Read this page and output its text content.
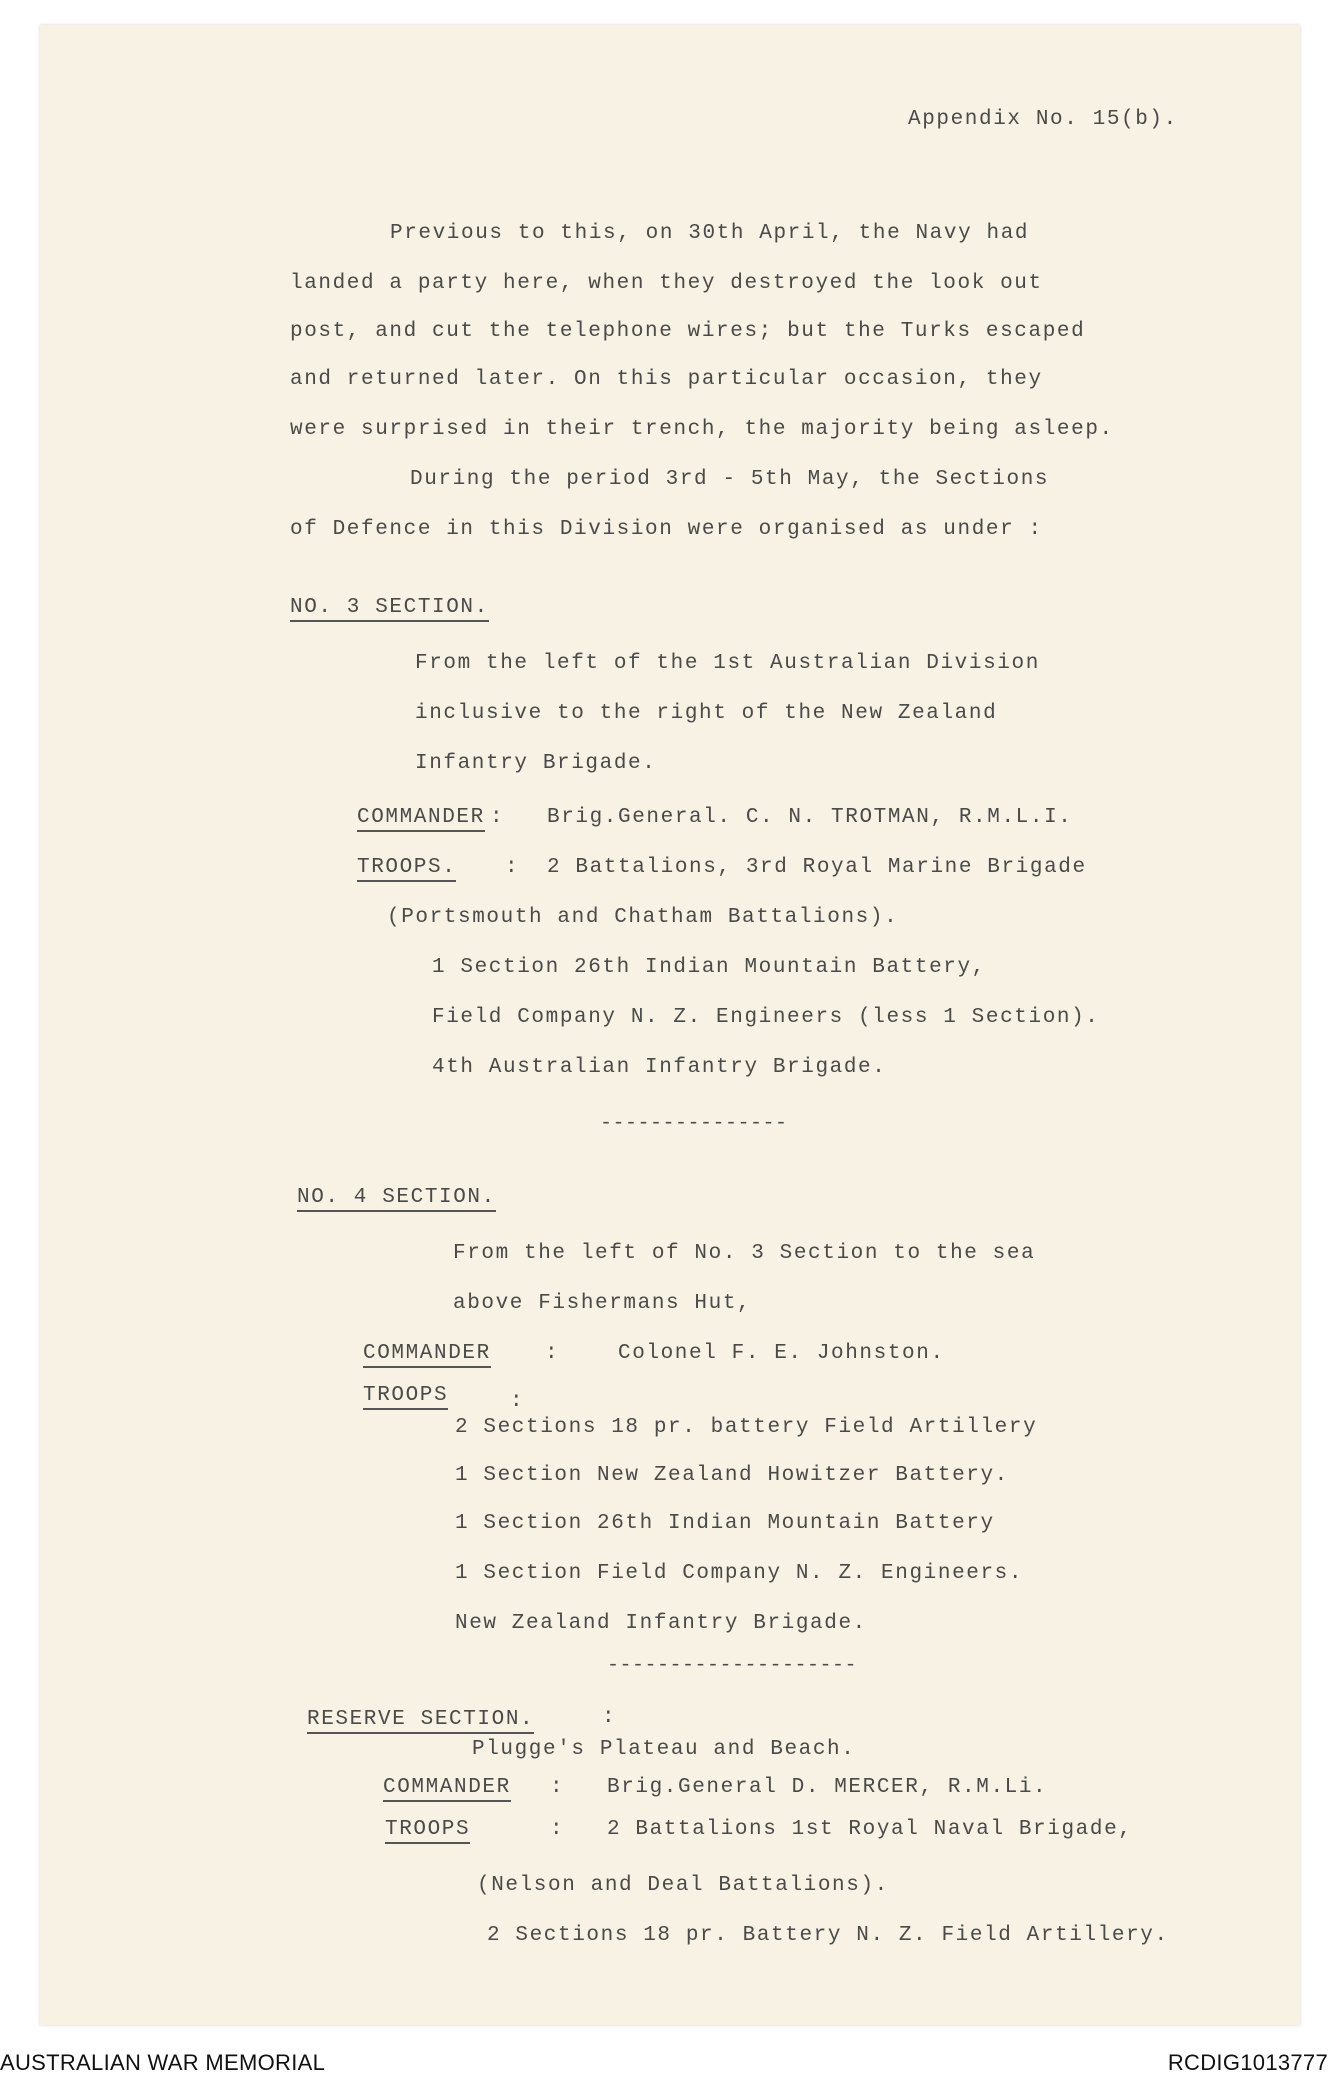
Appendix No. 15(b).
Previous to this, on 30th April, the Navy had
landed a party here, when they destroyed the look out
post, and cut the telephone wires; but the Turks escaped
and returned later. On this particular occasion, they
were surprised in their trench, the majority being asleep.
During the period 3rd - 5th May, the Sections
of Defence in this Division were organised as under :
NO. 3 SECTION.
From the left of the 1st Australian Division
inclusive to the right of the New Zealand
Infantry Brigade.
COMMANDER : Brig.General. C. N. TROTMAN, R.M.L.I.
TROOPS. : 2 Battalions, 3rd Royal Marine Brigade
(Portsmouth and Chatham Battalions).
1 Section 26th Indian Mountain Battery,
Field Company N. Z. Engineers (less 1 Section).
4th Australian Infantry Brigade.
---------------
NO. 4 SECTION.
From the left of No. 3 Section to the sea
above Fishermans Hut,
COMMANDER	:	Colonel F. E. Johnston.
TROOPS	:
2 Sections 18 pr. battery Field Artillery
1 Section New Zealand Howitzer Battery.
1 Section 26th Indian Mountain Battery
1 Section Field Company N. Z. Engineers.
New Zealand Infantry Brigade.
--------------------
RESERVE SECTION.	:
Plugge's Plateau and Beach.
COMMANDER : Brig.General D. MERCER, R.M.Li.
TROOPS	: 2 Battalions 1st Royal Naval Brigade,
(Nelson and Deal Battalions).
2 Sections 18 pr. Battery N. Z. Field Artillery.
AUSTRALIAN WAR MEMORIAL	RCDIG1013777
